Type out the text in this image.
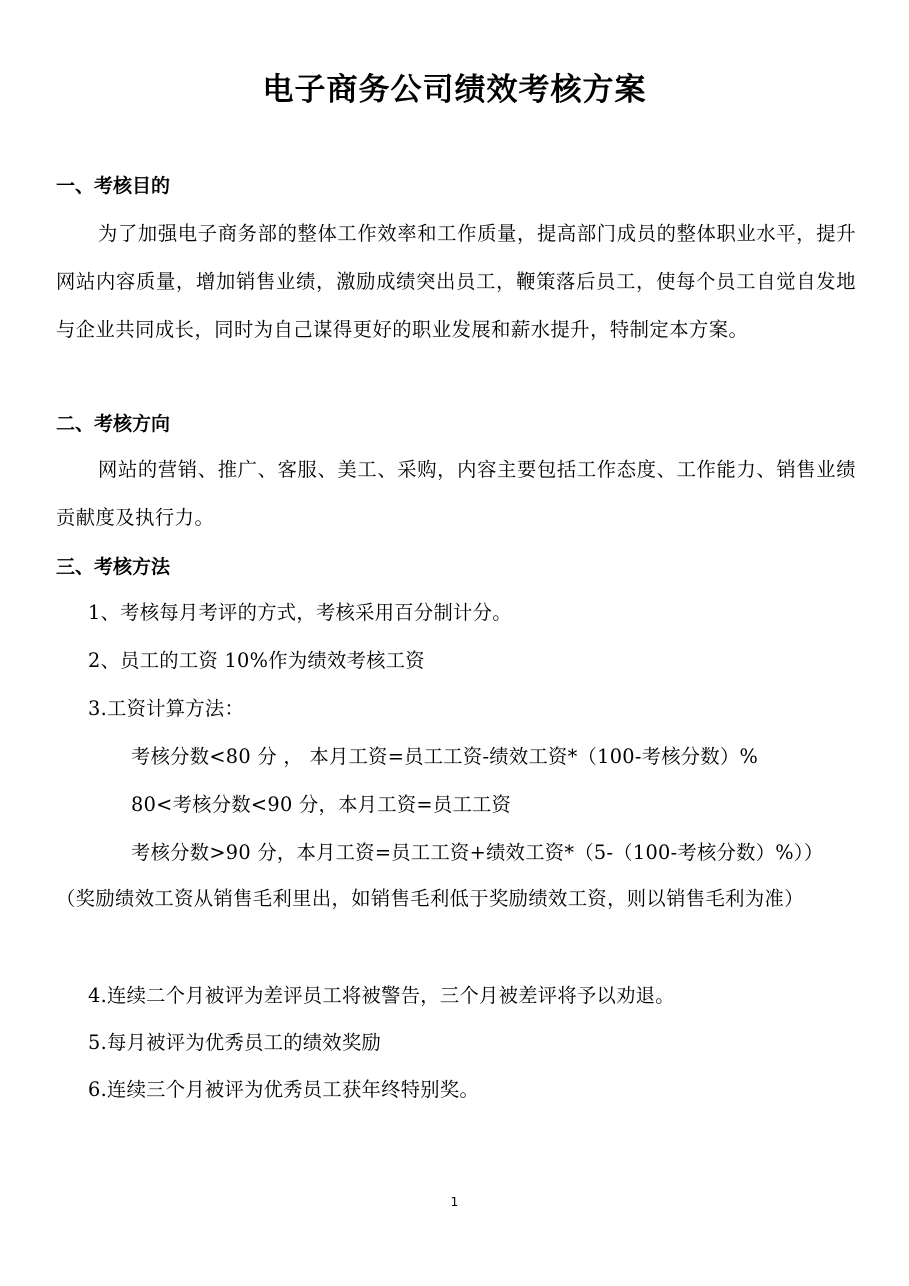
电子商务公司绩效考核方案
一、考核目的
为了加强电子商务部的整体工作效率和工作质量，提高部门成员的整体职业水平，提升网站内容质量，增加销售业绩，激励成绩突出员工，鞭策落后员工，使每个员工自觉自发地与企业共同成长，同时为自己谋得更好的职业发展和薪水提升，特制定本方案。
二、考核方向
网站的营销、推广、客服、美工、采购，内容主要包括工作态度、工作能力、销售业绩贡献度及执行力。
三、考核方法
1、考核每月考评的方式，考核采用百分制计分。
2、员工的工资 10%作为绩效考核工资
3.工资计算方法：
考核分数<80 分 ， 本月工资=员工工资-绩效工资*（100-考核分数）%
80<考核分数<90 分，本月工资=员工工资
考核分数>90 分，本月工资=员工工资+绩效工资*（5-（100-考核分数）%））
（奖励绩效工资从销售毛利里出，如销售毛利低于奖励绩效工资，则以销售毛利为准）
4.连续二个月被评为差评员工将被警告，三个月被差评将予以劝退。
5.每月被评为优秀员工的绩效奖励
6.连续三个月被评为优秀员工获年终特别奖。
1
